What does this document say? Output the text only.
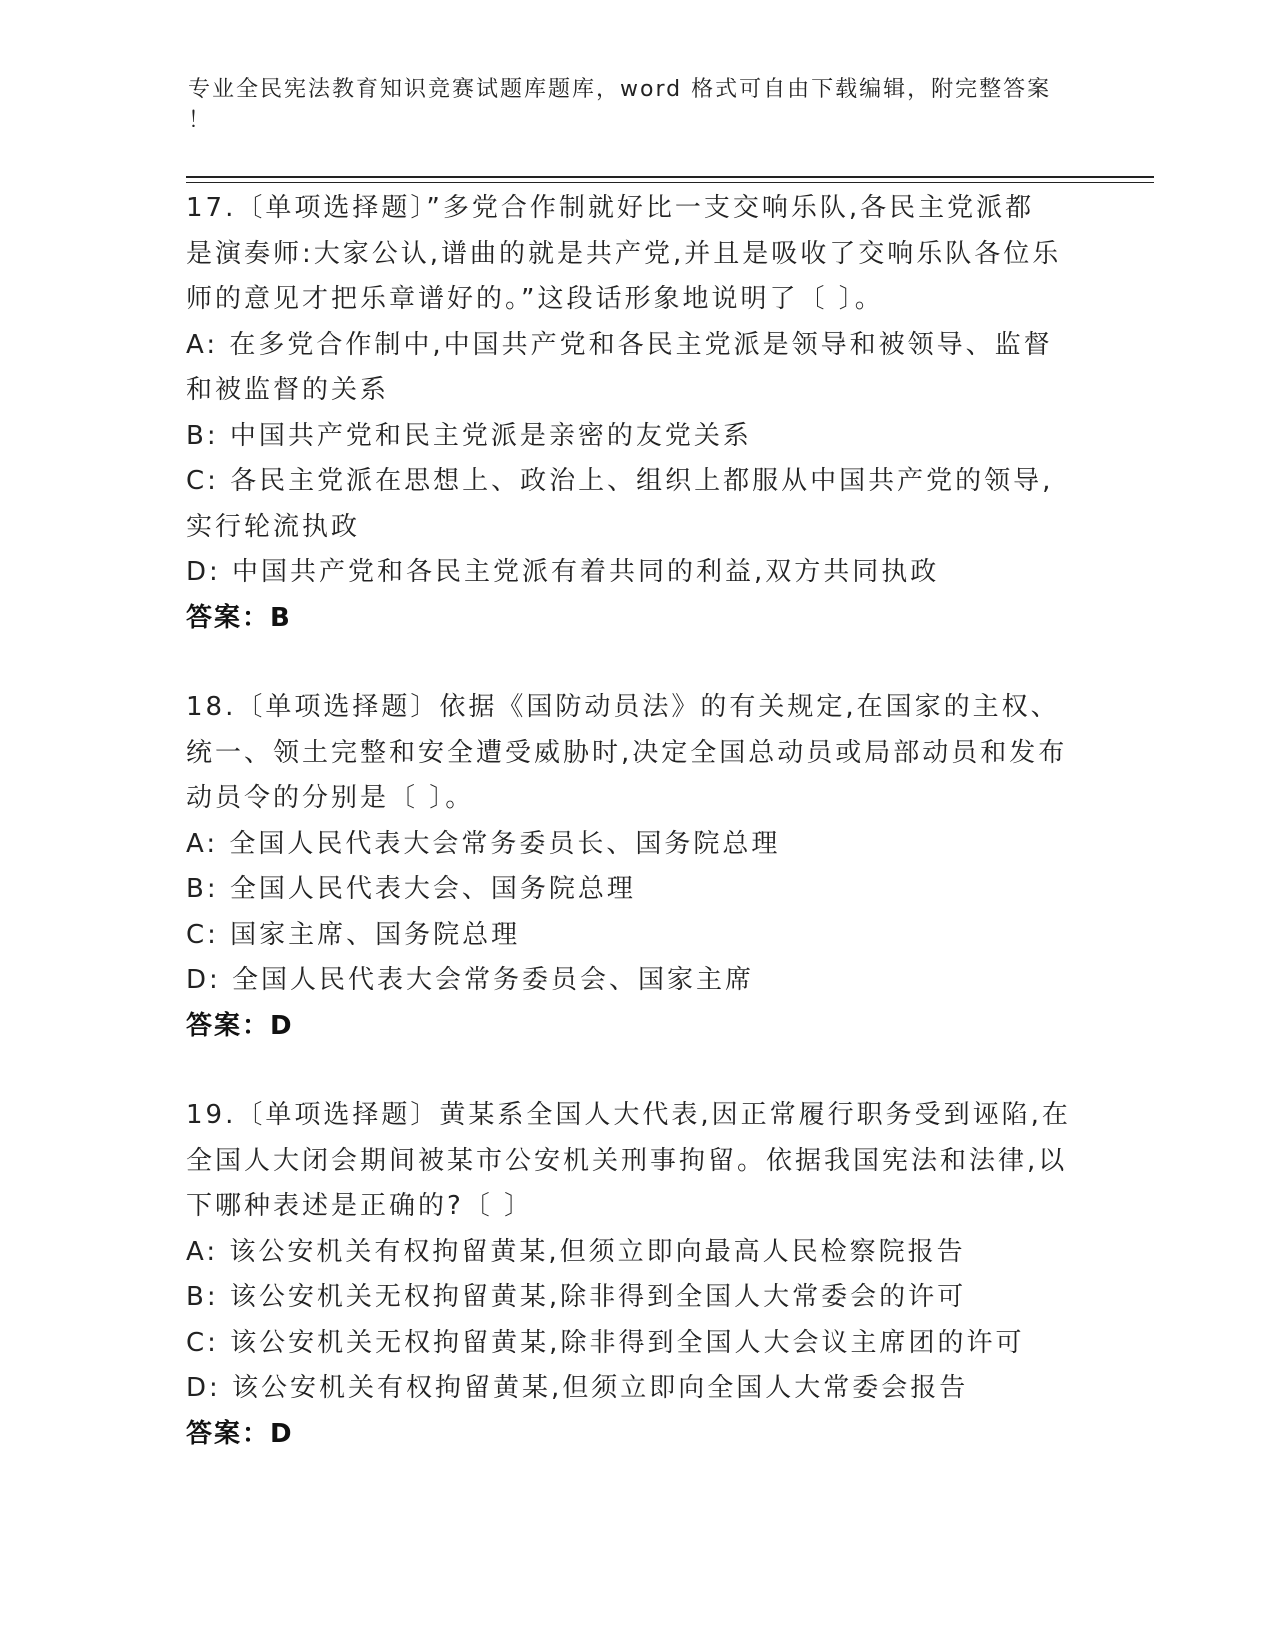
专业全民宪法教育知识竞赛试题库题库，word 格式可自由下载编辑，附完整答案
！
17.〔单项选择题〕”多党合作制就好比一支交响乐队,各民主党派都
是演奏师:大家公认,谱曲的就是共产党,并且是吸收了交响乐队各位乐
师的意见才把乐章谱好的。”这段话形象地说明了〔 〕。
A: 在多党合作制中,中国共产党和各民主党派是领导和被领导、监督
和被监督的关系
B: 中国共产党和民主党派是亲密的友党关系
C: 各民主党派在思想上、政治上、组织上都服从中国共产党的领导,
实行轮流执政
D: 中国共产党和各民主党派有着共同的利益,双方共同执政
答案：B
18.〔单项选择题〕依据《国防动员法》的有关规定,在国家的主权、
统一、领土完整和安全遭受威胁时,决定全国总动员或局部动员和发布
动员令的分别是〔 〕。
A: 全国人民代表大会常务委员长、国务院总理
B: 全国人民代表大会、国务院总理
C: 国家主席、国务院总理
D: 全国人民代表大会常务委员会、国家主席
答案：D
19.〔单项选择题〕黄某系全国人大代表,因正常履行职务受到诬陷,在
全国人大闭会期间被某市公安机关刑事拘留。依据我国宪法和法律,以
下哪种表述是正确的?〔 〕
A: 该公安机关有权拘留黄某,但须立即向最高人民检察院报告
B: 该公安机关无权拘留黄某,除非得到全国人大常委会的许可
C: 该公安机关无权拘留黄某,除非得到全国人大会议主席团的许可
D: 该公安机关有权拘留黄某,但须立即向全国人大常委会报告
答案：D
